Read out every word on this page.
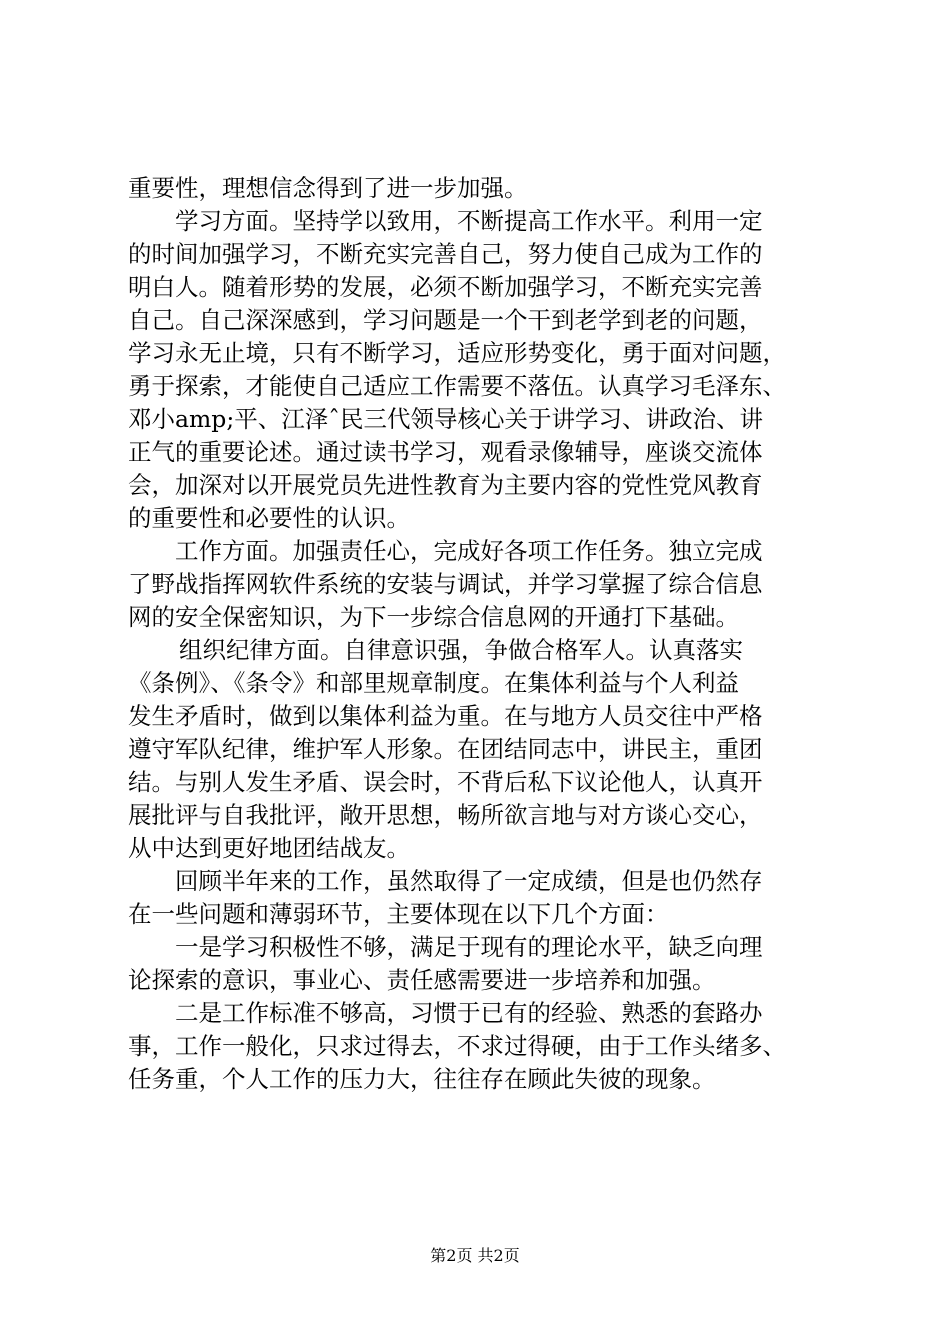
重要性，理想信念得到了进一步加强。
学习方面。坚持学以致用，不断提高工作水平。利用一定
的时间加强学习，不断充实完善自己，努力使自己成为工作的
明白人。随着形势的发展，必须不断加强学习，不断充实完善
自己。自己深深感到，学习问题是一个干到老学到老的问题，
学习永无止境，只有不断学习，适应形势变化，勇于面对问题，
勇于探索，才能使自己适应工作需要不落伍。认真学习毛泽东、
邓小amp;平、江泽ˆ民三代领导核心关于讲学习、讲政治、讲
正气的重要论述。通过读书学习，观看录像辅导，座谈交流体
会，加深对以开展党员先进性教育为主要内容的党性党风教育
的重要性和必要性的认识。
工作方面。加强责任心，完成好各项工作任务。独立完成
了野战指挥网软件系统的安装与调试，并学习掌握了综合信息
网的安全保密知识，为下一步综合信息网的开通打下基础。
组织纪律方面。自律意识强，争做合格军人。认真落实
《条例》、《条令》和部里规章制度。在集体利益与个人利益
发生矛盾时，做到以集体利益为重。在与地方人员交往中严格
遵守军队纪律，维护军人形象。在团结同志中，讲民主，重团
结。与别人发生矛盾、误会时，不背后私下议论他人，认真开
展批评与自我批评，敞开思想，畅所欲言地与对方谈心交心，
从中达到更好地团结战友。
回顾半年来的工作，虽然取得了一定成绩，但是也仍然存
在一些问题和薄弱环节，主要体现在以下几个方面：
一是学习积极性不够，满足于现有的理论水平，缺乏向理
论探索的意识，事业心、责任感需要进一步培养和加强。
二是工作标准不够高，习惯于已有的经验、熟悉的套路办
事，工作一般化，只求过得去，不求过得硬，由于工作头绪多、
任务重，个人工作的压力大，往往存在顾此失彼的现象。
第2页 共2页
